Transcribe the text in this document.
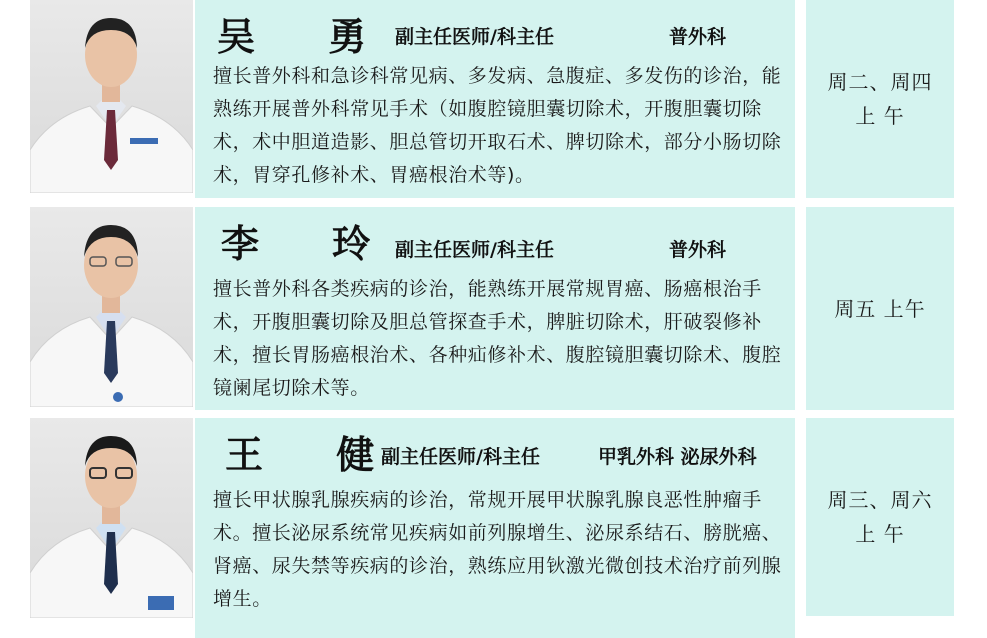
吴 勇
副主任医师/科主任	普外科
擅长普外科和急诊科常见病、多发病、急腹症、多发伤的诊治，能熟练开展普外科常见手术（如腹腔镜胆囊切除术，开腹胆囊切除术，术中胆道造影、胆总管切开取石术、脾切除术，部分小肠切除术，胃穿孔修补术、胃癌根治术等)。
周二、周四
上 午
李 玲
副主任医师/科主任	普外科
擅长普外科各类疾病的诊治，能熟练开展常规胃癌、肠癌根治手术，开腹胆囊切除及胆总管探查手术，脾脏切除术，肝破裂修补术，擅长胃肠癌根治术、各种疝修补术、腹腔镜胆囊切除术、腹腔镜阑尾切除术等。
周五 上午
王 健
副主任医师/科主任	甲乳外科 泌尿外科
擅长甲状腺乳腺疾病的诊治，常规开展甲状腺乳腺良恶性肿瘤手术。擅长泌尿系统常见疾病如前列腺增生、泌尿系结石、膀胱癌、肾癌、尿失禁等疾病的诊治，熟练应用钬激光微创技术治疗前列腺增生。
周三、周六
上 午
